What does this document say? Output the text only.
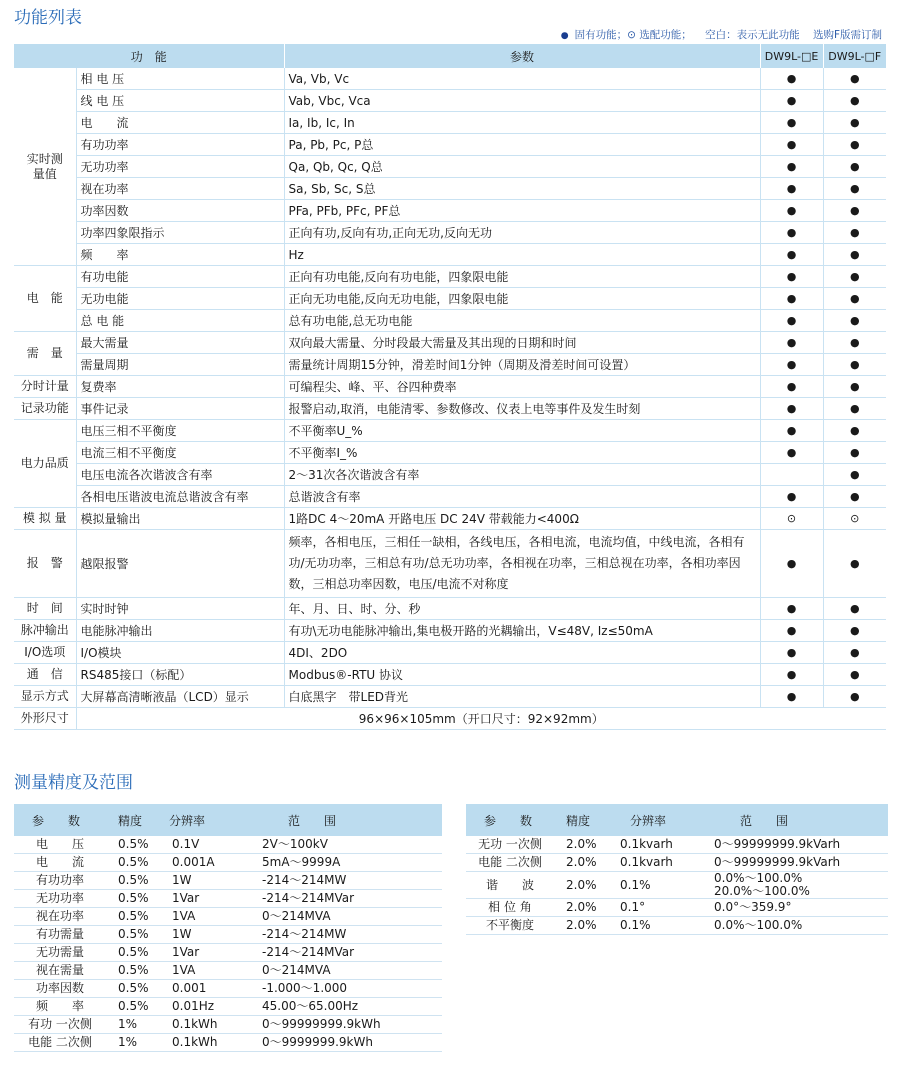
功能列表
● 固有功能；⊙ 选配功能； 空白：表示无此功能 选购F版需订制
功　能		参数	DW9L-□E	DW9L-□F
实时测
量值	相 电 压	Va, Vb, Vc	●	●
	线 电 压	Vab, Vbc, Vca	●	●
	电　　流	Ia, Ib, Ic, In	●	●
	有功功率	Pa, Pb, Pc, P总	●	●
	无功功率	Qa, Qb, Qc, Q总	●	●
	视在功率	Sa, Sb, Sc, S总	●	●
	功率因数	PFa, PFb, PFc, PF总	●	●
	功率四象限指示	正向有功,反向有功,正向无功,反向无功	●	●
	频　　率	Hz	●	●
电　能	有功电能	正向有功电能,反向有功电能，四象限电能	●	●
	无功电能	正向无功电能,反向无功电能，四象限电能	●	●
	总 电 能	总有功电能,总无功电能	●	●
需　量	最大需量	双向最大需量、分时段最大需量及其出现的日期和时间	●	●
	需量周期	需量统计周期15分钟，滑差时间1分钟（周期及滑差时间可设置）	●	●
分时计量	复费率	可编程尖、峰、平、谷四种费率	●	●
记录功能	事件记录	报警启动,取消，电能清零、参数修改、仪表上电等事件及发生时刻	●	●
电力品质	电压三相不平衡度	不平衡率U_%	●	●
	电流三相不平衡度	不平衡率I_%	●	●
	电压电流各次谐波含有率	2～31次各次谐波含有率		●
	各相电压谐波电流总谐波含有率	总谐波含有率	●	●
模 拟 量	模拟量输出	1路DC 4～20mA 开路电压 DC 24V 带载能力<400Ω	⊙	⊙
报　警	越限报警	频率，各相电压，三相任一缺相，各线电压，各相电流，电流均值，中线电流，各相有功/无功功率，三相总有功/总无功功率，各相视在功率，三相总视在功率，各相功率因数，三相总功率因数，电压/电流不对称度	●	●
时　间	实时时钟	年、月、日、时、分、秒	●	●
脉冲输出	电能脉冲输出	有功\无功电能脉冲输出,集电极开路的光耦输出，V≤48V, Iz≤50mA	●	●
I/O选项	I/O模块	4DI、2DO	●	●
通　信	RS485接口（标配）	Modbus®-RTU 协议	●	●
显示方式	大屏幕高清晰液晶（LCD）显示	白底黑字　带LED背光	●	●
外形尺寸	96×96×105mm（开口尺寸：92×92mm）			
测量精度及范围
参　　数	精度	分辨率	范　　围
电　　压	0.5%	0.1V	2V～100kV
电　　流	0.5%	0.001A	5mA～9999A
有功功率	0.5%	1W	-214～214MW
无功功率	0.5%	1Var	-214～214MVar
视在功率	0.5%	1VA	0～214MVA
有功需量	0.5%	1W	-214～214MW
无功需量	0.5%	1Var	-214～214MVar
视在需量	0.5%	1VA	0～214MVA
功率因数	0.5%	0.001	-1.000～1.000
频　　率	0.5%	0.01Hz	45.00～65.00Hz
有功 一次侧	1%	0.1kWh	0～99999999.9kWh
电能 二次侧	1%	0.1kWh	0～9999999.9kWh
参　　数	精度	分辨率	范　　围
无功 一次侧	2.0%	0.1kvarh	0～99999999.9kVarh
电能 二次侧	2.0%	0.1kvarh	0～99999999.9kVarh
谐　　波	2.0%	0.1%	0.0%～100.0%
20.0%～100.0%
相 位 角	2.0%	0.1°	0.0°～359.9°
不平衡度	2.0%	0.1%	0.0%～100.0%
